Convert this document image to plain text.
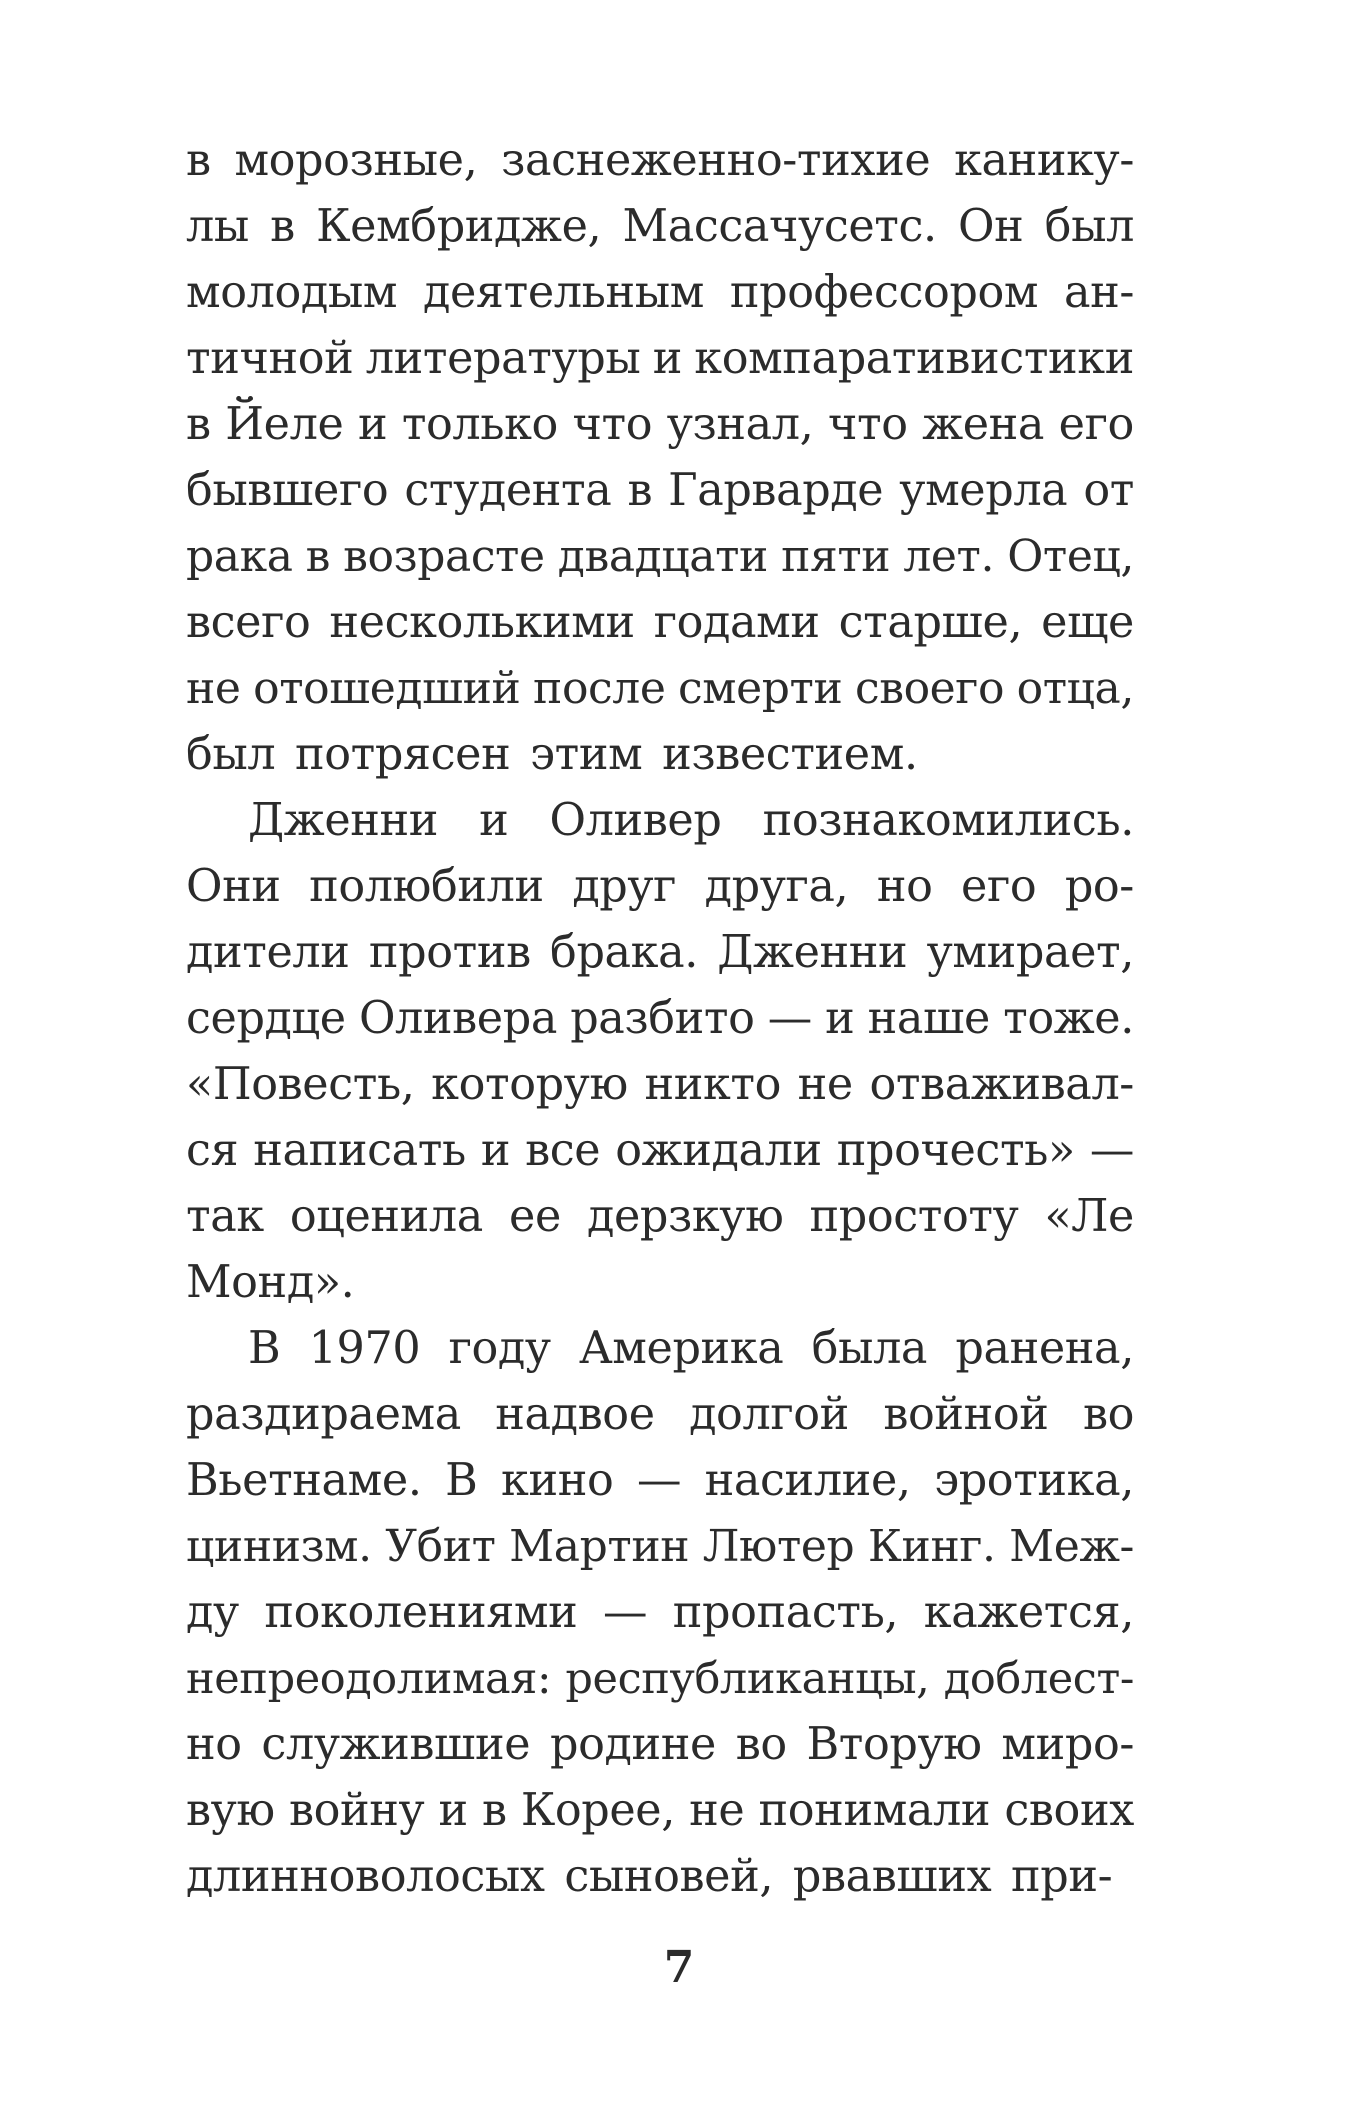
в морозные, заснеженно-тихие канику-
лы в Кембридже, Массачусетс. Он был
молодым деятельным профессором ан-
тичной литературы и компаративистики
в Йеле и только что узнал, что жена его
бывшего студента в Гарварде умерла от
рака в возрасте двадцати пяти лет. Отец,
всего несколькими годами старше, еще
не отошедший после смерти своего отца,
был потрясен этим известием.
Дженни и Оливер познакомились.
Они полюбили друг друга, но его ро-
дители против брака. Дженни умирает,
сердце Оливера разбито — и наше тоже.
«Повесть, которую никто не отваживал-
ся написать и все ожидали прочесть» —
так оценила ее дерзкую простоту «Ле
Монд».
В 1970 году Америка была ранена,
раздираема надвое долгой войной во
Вьетнаме. В кино — насилие, эротика,
цинизм. Убит Мартин Лютер Кинг. Меж-
ду поколениями — пропасть, кажется,
непреодолимая: республиканцы, доблест-
но служившие родине во Вторую миро-
вую войну и в Корее, не понимали своих
длинноволосых сыновей, рвавших при-
7
